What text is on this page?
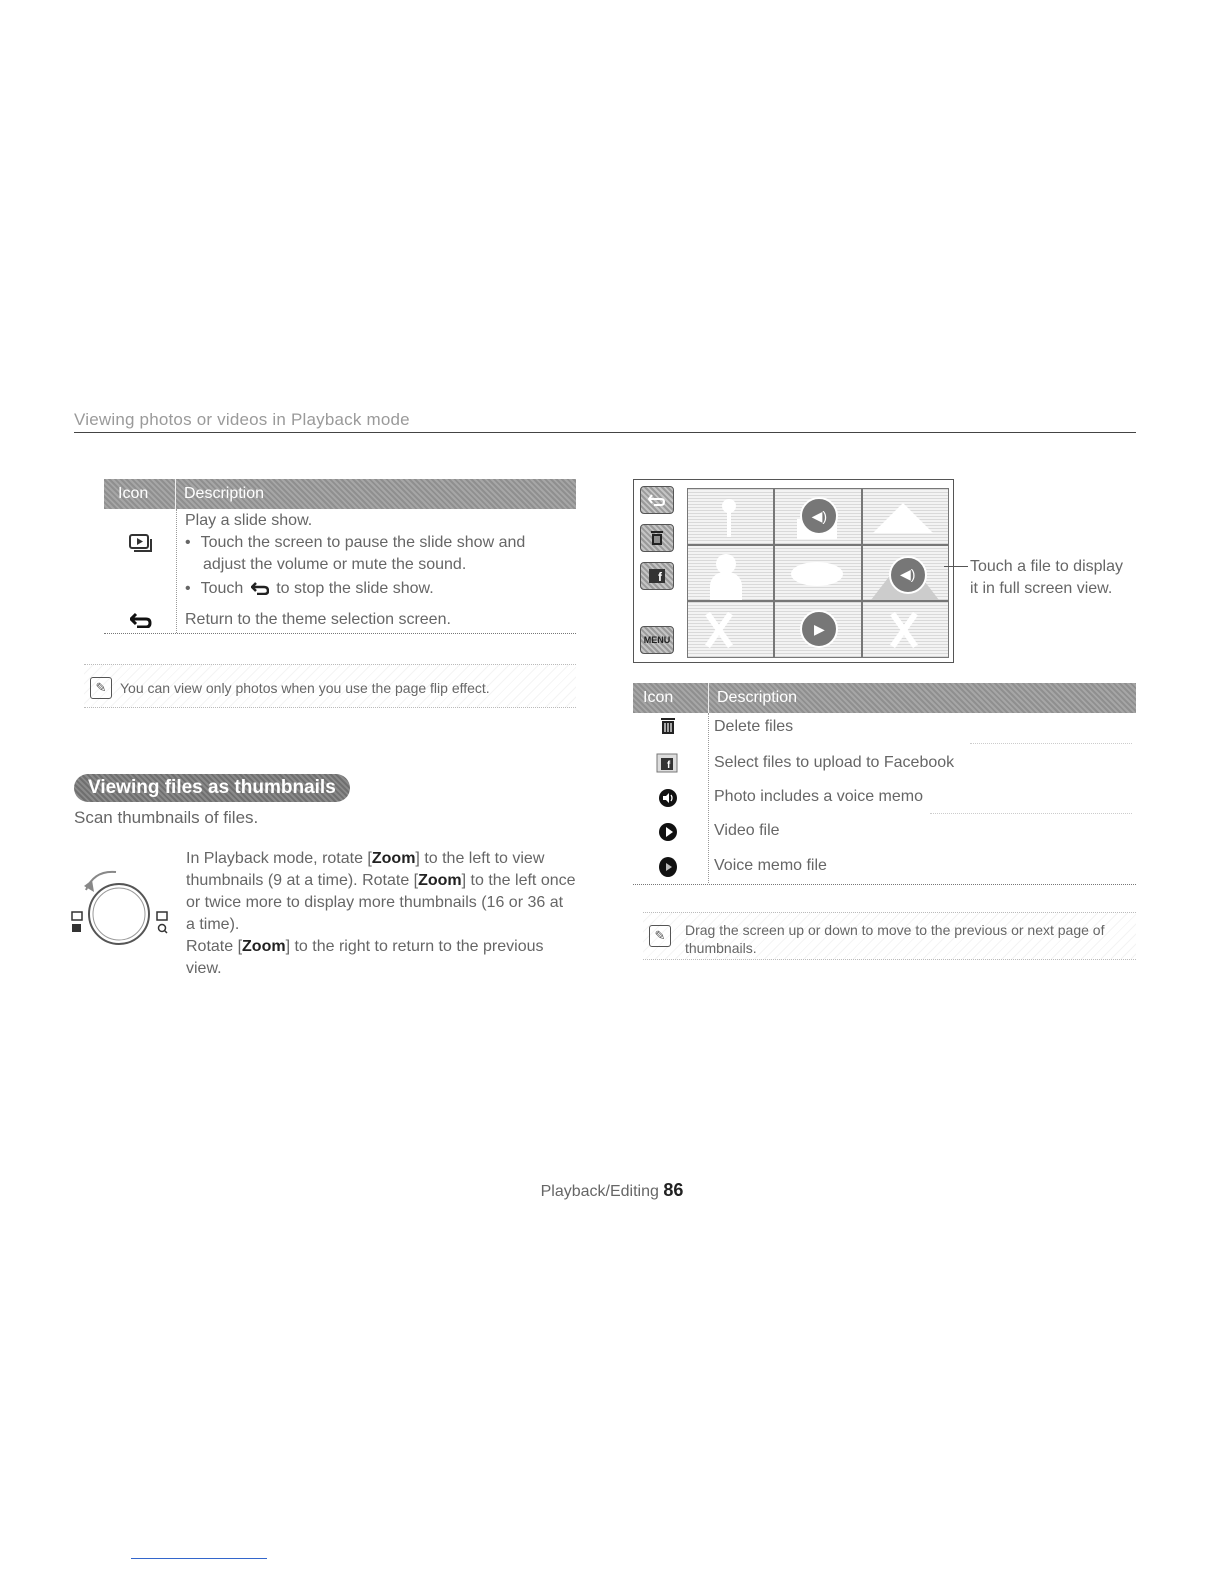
Viewing photos or videos in Playback mode
Icon Description
Play a slide show.
• Touch the screen to pause the slide show and
adjust the volume or mute the sound.
• Touch to stop the slide show.
Return to the theme selection screen.
✎ You can view only photos when you use the page flip effect.
Viewing files as thumbnails
Scan thumbnails of files.
In Playback mode, rotate [Zoom] to the left to view
thumbnails (9 at a time). Rotate [Zoom] to the left once
or twice more to display more thumbnails (16 or 36 at
a time).
Rotate [Zoom] to the right to return to the previous
view.
f
MENU
◀)
◀)
▶
Touch a file to display
it in full screen view.
Icon	Description
Delete files
f	Select files to upload to Facebook
Photo includes a voice memo
Video file
Voice memo file
✎	Drag the screen up or down to move to the previous or next page of
thumbnails.
Playback/Editing 86
